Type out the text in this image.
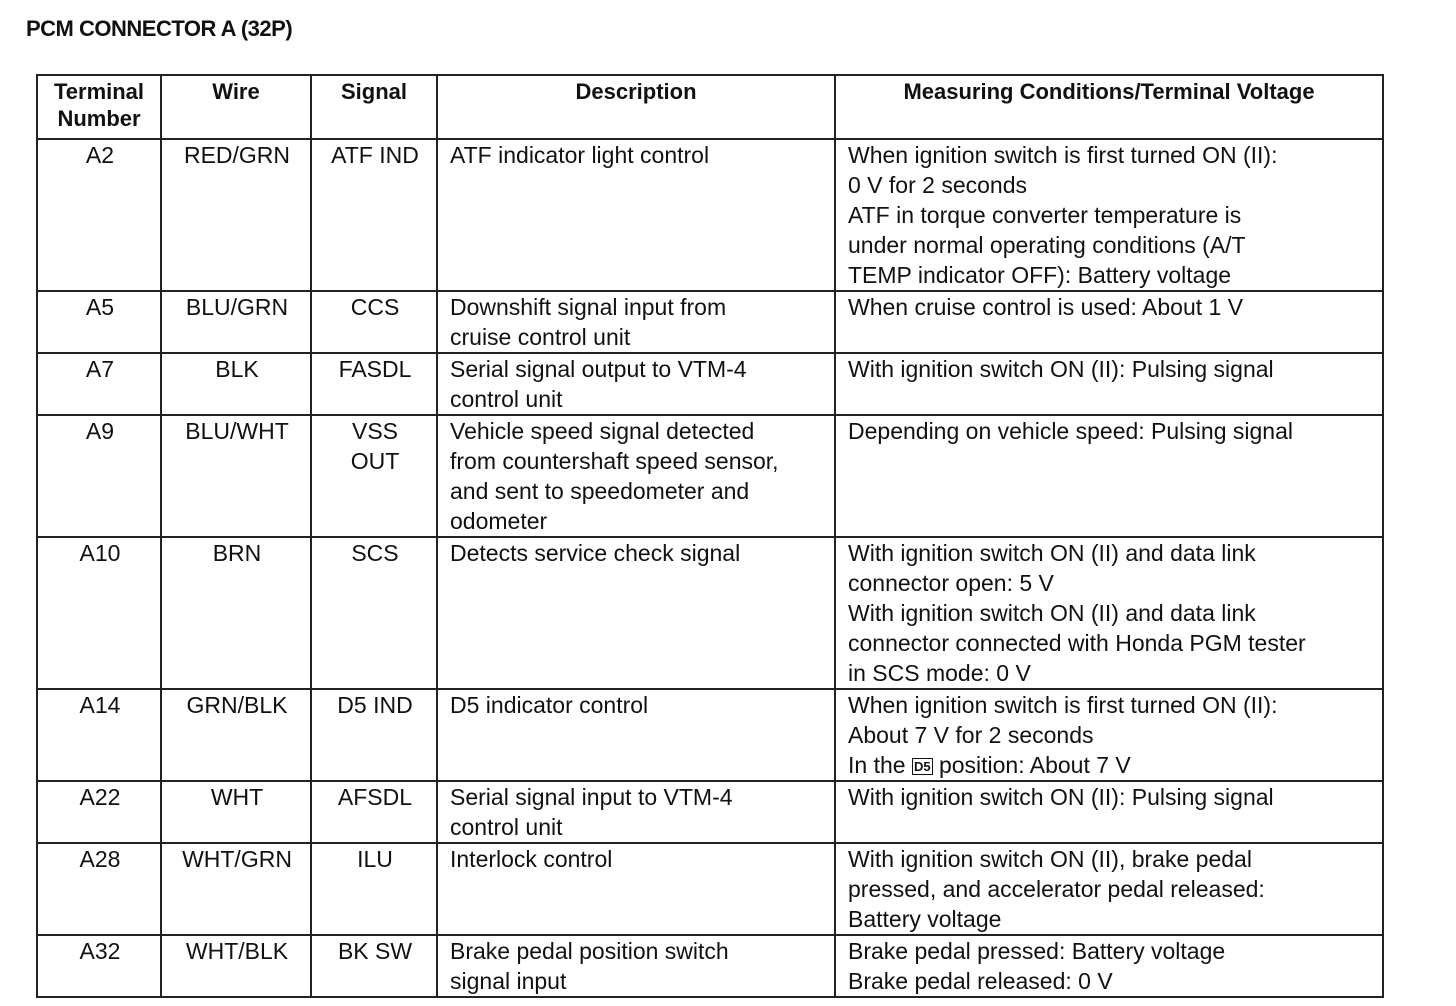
PCM CONNECTOR A (32P)
Terminal Number	Wire	Signal	Description	Measuring Conditions/Terminal Voltage

A2	RED/GRN	ATF IND	ATF indicator light control	When ignition switch is first turned ON (II):
0 V for 2 seconds
ATF in torque converter temperature is
under normal operating conditions (A/T
TEMP indicator OFF): Battery voltage

A5	BLU/GRN	CCS	Downshift signal input from
cruise control unit	When cruise control is used: About 1 V

A7	BLK	FASDL	Serial signal output to VTM-4
control unit	With ignition switch ON (II): Pulsing signal

A9	BLU/WHT	VSS
OUT	Vehicle speed signal detected
from countershaft speed sensor,
and sent to speedometer and
odometer	Depending on vehicle speed: Pulsing signal

A10	BRN	SCS	Detects service check signal	With ignition switch ON (II) and data link
connector open: 5 V
With ignition switch ON (II) and data link
connector connected with Honda PGM tester
in SCS mode: 0 V

A14	GRN/BLK	D5 IND	D5 indicator control	When ignition switch is first turned ON (II):
About 7 V for 2 seconds
In the D5 position: About 7 V

A22	WHT	AFSDL	Serial signal input to VTM-4
control unit	With ignition switch ON (II): Pulsing signal

A28	WHT/GRN	ILU	Interlock control	With ignition switch ON (II), brake pedal
pressed, and accelerator pedal released:
Battery voltage

A32	WHT/BLK	BK SW	Brake pedal position switch
signal input	Brake pedal pressed: Battery voltage
Brake pedal released: 0 V
